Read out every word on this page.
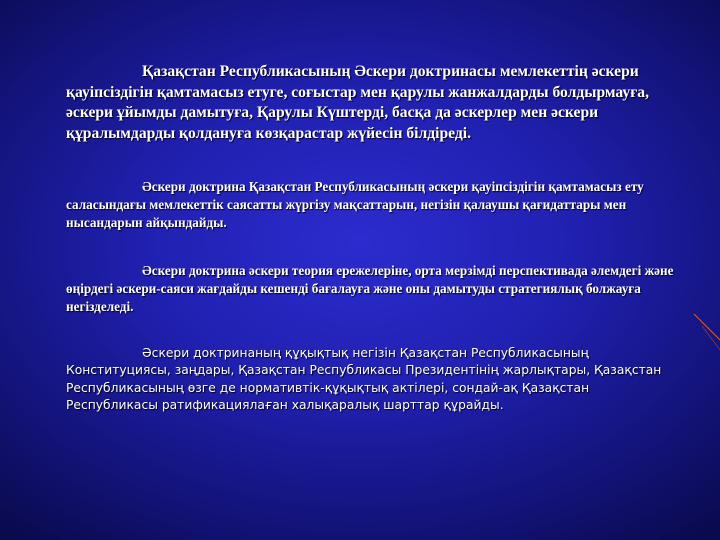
Қазақстан Республикасының Әскери доктринасы мемлекеттің әскери қауіпсіздігін қамтамасыз етуге, соғыстар мен қарулы жанжалдарды болдырмауға, әскери ұйымды дамытуға, Қарулы Күштерді, басқа да әскерлер мен әскери құралымдарды қолдануға көзқарастар жүйесін білдіреді.
Әскери доктрина Қазақстан Республикасының әскери қауіпсіздігін қамтамасыз ету саласындағы мемлекеттік саясатты жүргізу мақсаттарын, негізін қалаушы қағидаттары мен нысандарын айқындайды.
Әскери доктрина әскери теория ережелеріне, орта мерзімді перспективада әлемдегі және өңірдегі әскери-саяси жағдайды кешенді бағалауға және оны дамытуды стратегиялық болжауға негізделеді.
Әскери доктринаның құқықтық негізін Қазақстан Республикасының Конституциясы, заңдары, Қазақстан Республикасы Президентінің жарлықтары, Қазақстан Республикасының өзге де нормативтік-құқықтық актілері, сондай-ақ Қазақстан Республикасы ратификациялаған халықаралық шарттар құрайды.
